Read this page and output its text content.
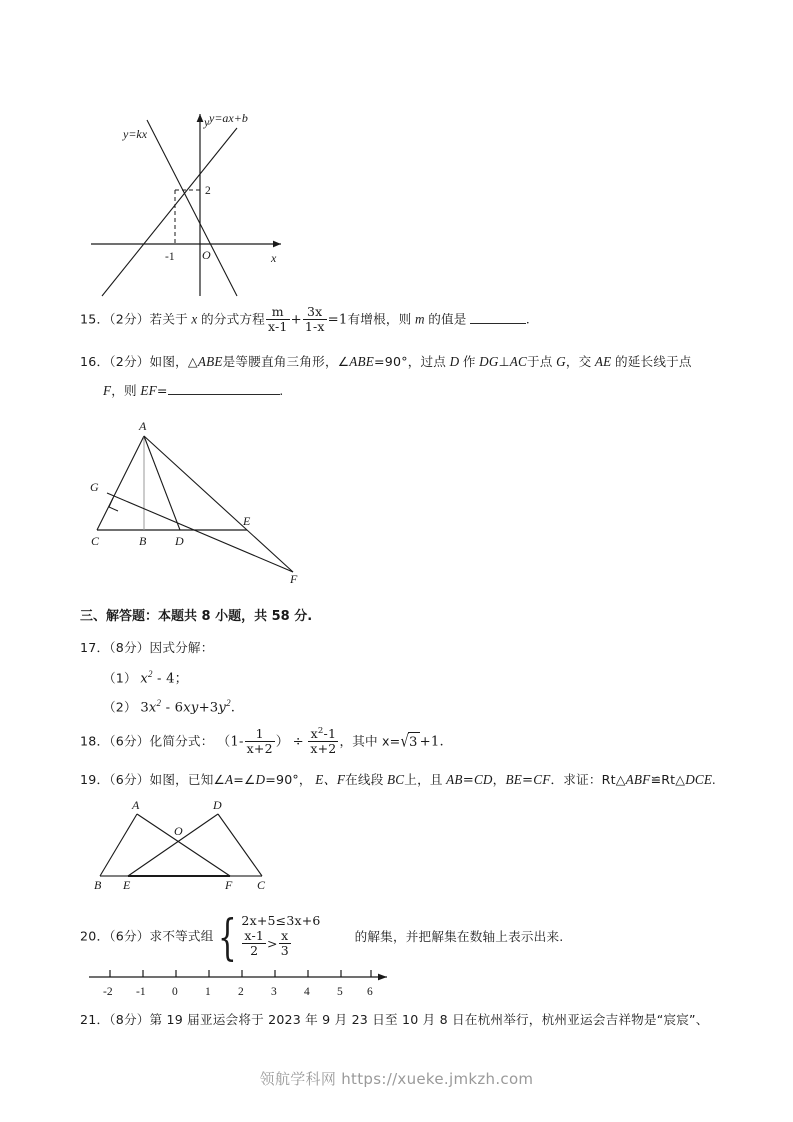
y
x
O
-1
2
y=kx
y=ax+b
15．（2分）若关于 x 的分式方程 $\frac{m}{x-1} + \frac{3x}{1-x} =1$有增根，则 m 的值是	.
16．（2分）如图，△ABE是等腰直角三角形，∠ABE=90°，过点 D 作 DG⊥AC于点 G，交 AE 的延长线于点
F，则 EF=	.
A
G
C	B D
E
F
三、解答题：本题共 8 小题，共 58 分.
17．（8分）因式分解：
（1） $x^2 - 4$；
（2） $3x^2 - 6xy+3y^2$.
18．（6分）化简分式： （$1- \frac{1}{x+2}$ ） ÷ $\frac{x^2-1}{x+2}$ ，其中 x=√3 +1.
19．（6分）如图，已知∠A=∠D=90°， E、F在线段 BC上，且 AB=CD，BE=CF．求证：Rt△ABF≌Rt△DCE.
A	D
O
B E	F C
20．（6分）求不等式组 { 2x+5≤3x+6
$\frac{x-1}{2} > \frac{x}{3}$	的解集，并把解集在数轴上表示出来.
-2 -1 0 1 2 3 4 5 6
21．（8分）第 19 届亚运会将于 2023 年 9 月 23 日至 10 月 8 日在杭州举行，杭州亚运会吉祥物是“宸宸”、
领航学科网 https://xueke.jmkzh.com
